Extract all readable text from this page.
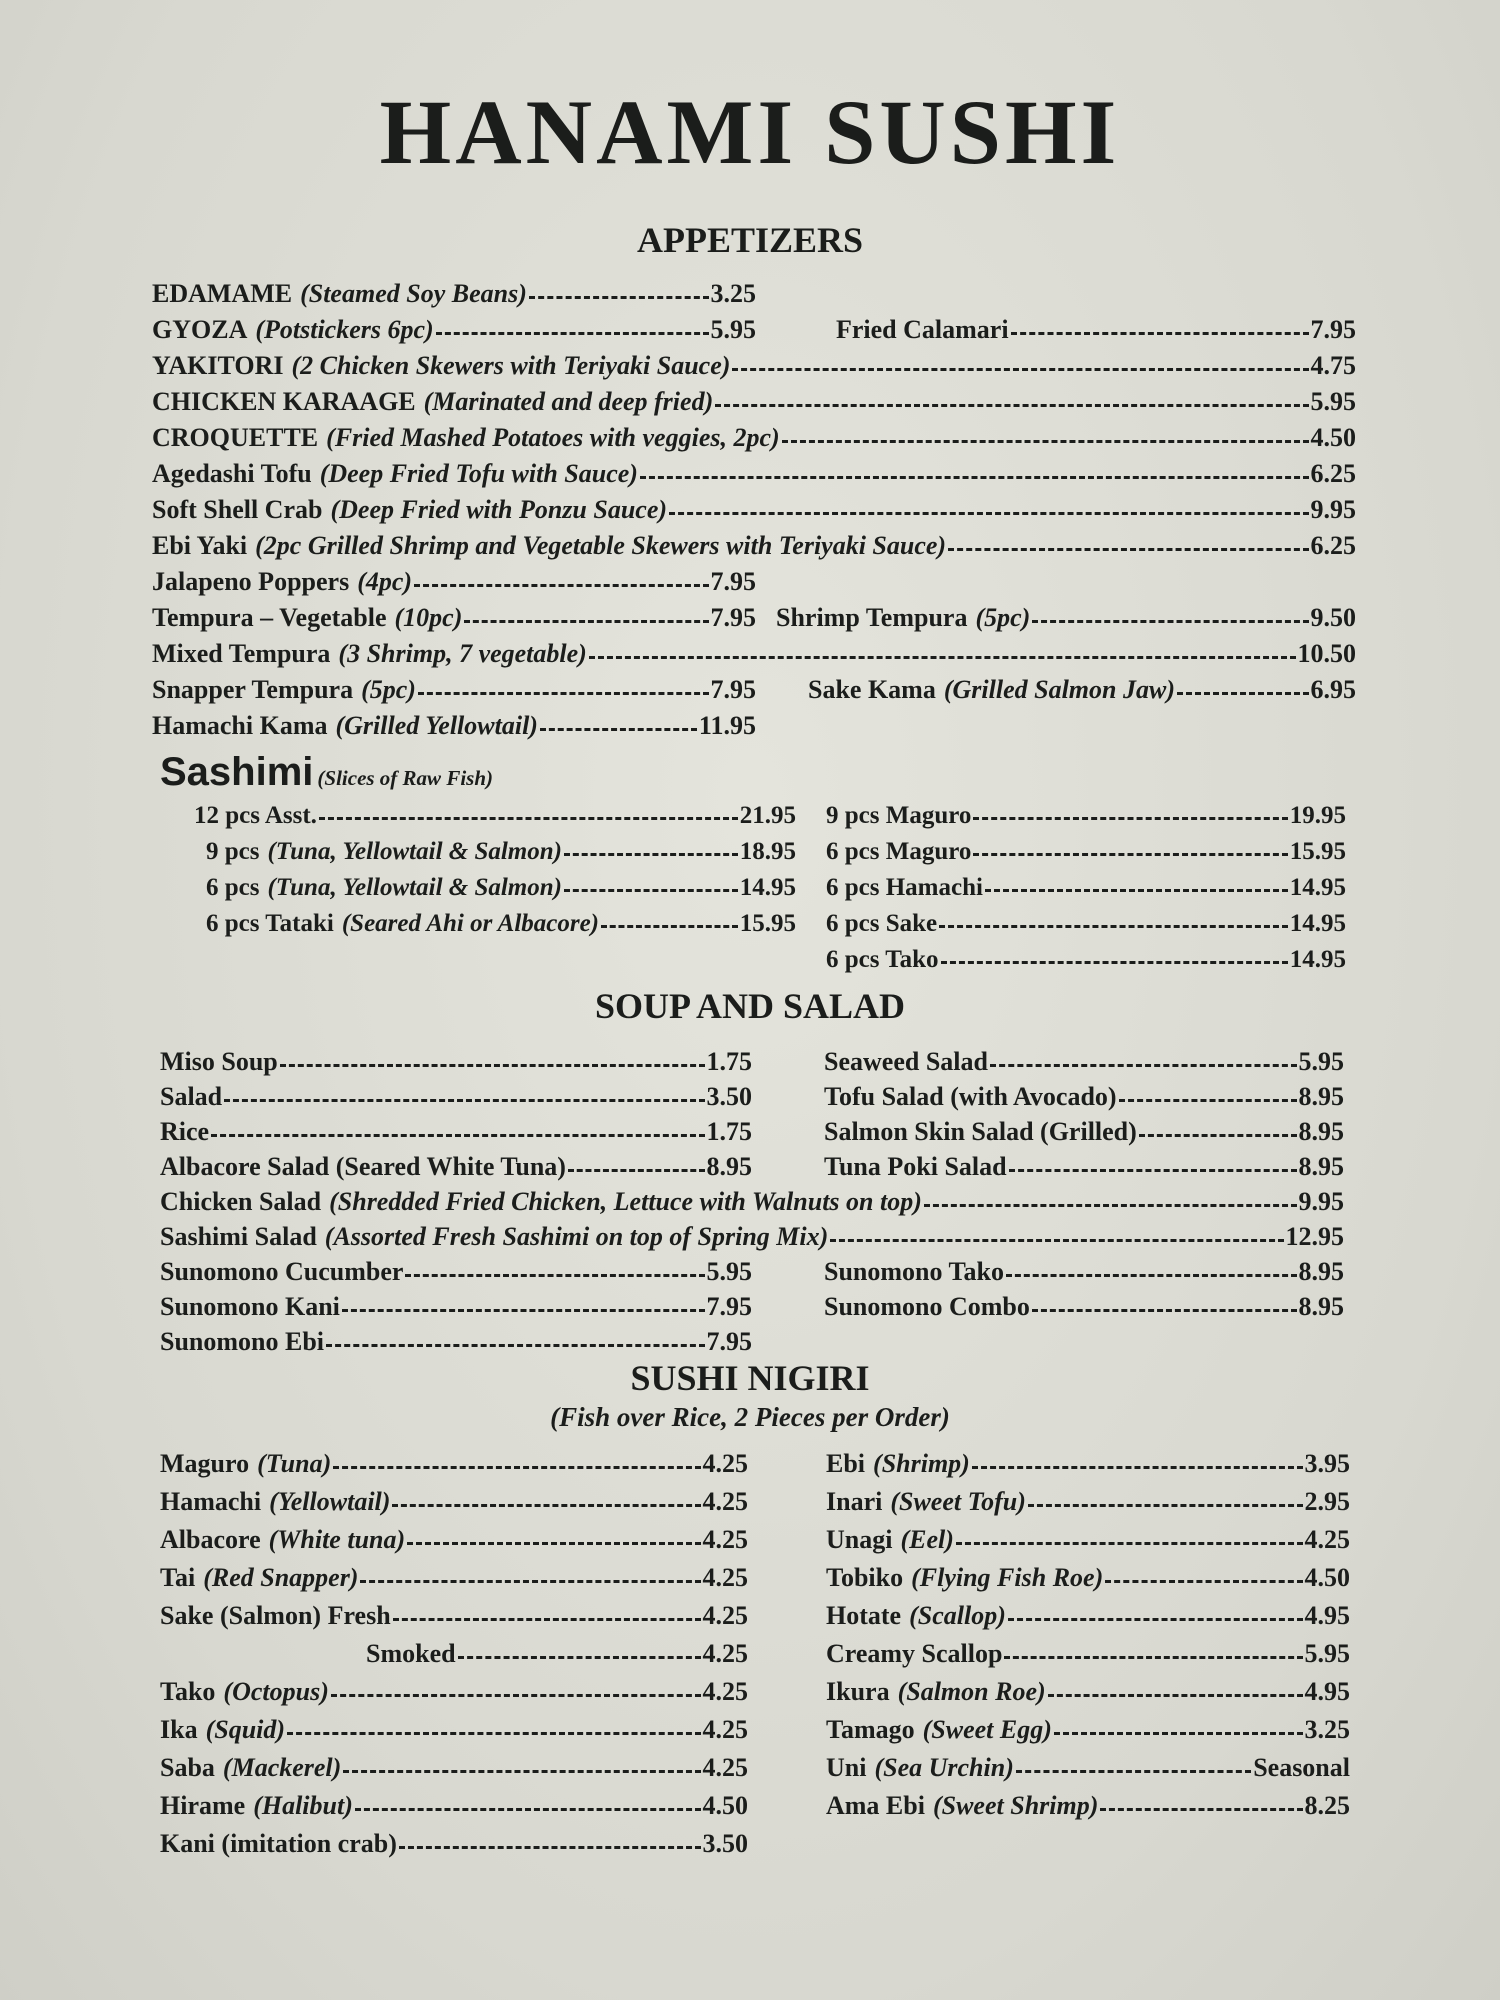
HANAMI SUSHI
APPETIZERS
Sashimi (Slices of Raw Fish)
SOUP AND SALAD
SUSHI NIGIRI
(Fish over Rice, 2 Pieces per Order)
EDAMAME (Steamed Soy Beans)	3.25
GYOZA (Potstickers 6pc)	5.95	Fried Calamari	7.95
YAKITORI (2 Chicken Skewers with Teriyaki Sauce)	4.75
CHICKEN KARAAGE (Marinated and deep fried)	5.95
CROQUETTE (Fried Mashed Potatoes with veggies, 2pc)	4.50
Agedashi Tofu (Deep Fried Tofu with Sauce)	6.25
Soft Shell Crab (Deep Fried with Ponzu Sauce)	9.95
Ebi Yaki (2pc Grilled Shrimp and Vegetable Skewers with Teriyaki Sauce)	6.25
Jalapeno Poppers (4pc)	7.95
Tempura – Vegetable (10pc)	7.95 Shrimp Tempura (5pc)	9.50
Mixed Tempura (3 Shrimp, 7 vegetable)	10.50
Snapper Tempura (5pc)	7.95 Sake Kama (Grilled Salmon Jaw)	6.95
Hamachi Kama (Grilled Yellowtail)	11.95
12 pcs Asst.	21.95
9 pcs (Tuna, Yellowtail & Salmon)	18.95
6 pcs (Tuna, Yellowtail & Salmon)	14.95
6 pcs Tataki (Seared Ahi or Albacore)	15.95
9 pcs Maguro	19.95
6 pcs Maguro	15.95
6 pcs Hamachi	14.95
6 pcs Sake	14.95
6 pcs Tako	14.95
Miso Soup	1.75
Salad	3.50
Rice	1.75
Albacore Salad (Seared White Tuna)	8.95
Seaweed Salad	5.95
Tofu Salad (with Avocado)	8.95
Salmon Skin Salad (Grilled)	8.95
Tuna Poki Salad	8.95
Chicken Salad (Shredded Fried Chicken, Lettuce with Walnuts on top)	9.95
Sashimi Salad (Assorted Fresh Sashimi on top of Spring Mix)	12.95
Sunomono Cucumber	5.95
Sunomono Kani	7.95
Sunomono Ebi	7.95
Sunomono Tako	8.95
Sunomono Combo	8.95
Maguro (Tuna)	4.25
Hamachi (Yellowtail)	4.25
Albacore (White tuna)	4.25
Tai (Red Snapper)	4.25
Sake (Salmon) Fresh	4.25
Smoked	4.25
Tako (Octopus)	4.25
Ika (Squid)	4.25
Saba (Mackerel)	4.25
Hirame (Halibut)	4.50
Kani (imitation crab)	3.50
Ebi (Shrimp)	3.95
Inari (Sweet Tofu)	2.95
Unagi (Eel)	4.25
Tobiko (Flying Fish Roe)	4.50
Hotate (Scallop)	4.95
Creamy Scallop	5.95
Ikura (Salmon Roe)	4.95
Tamago (Sweet Egg)	3.25
Uni (Sea Urchin)	Seasonal
Ama Ebi (Sweet Shrimp)	8.25
